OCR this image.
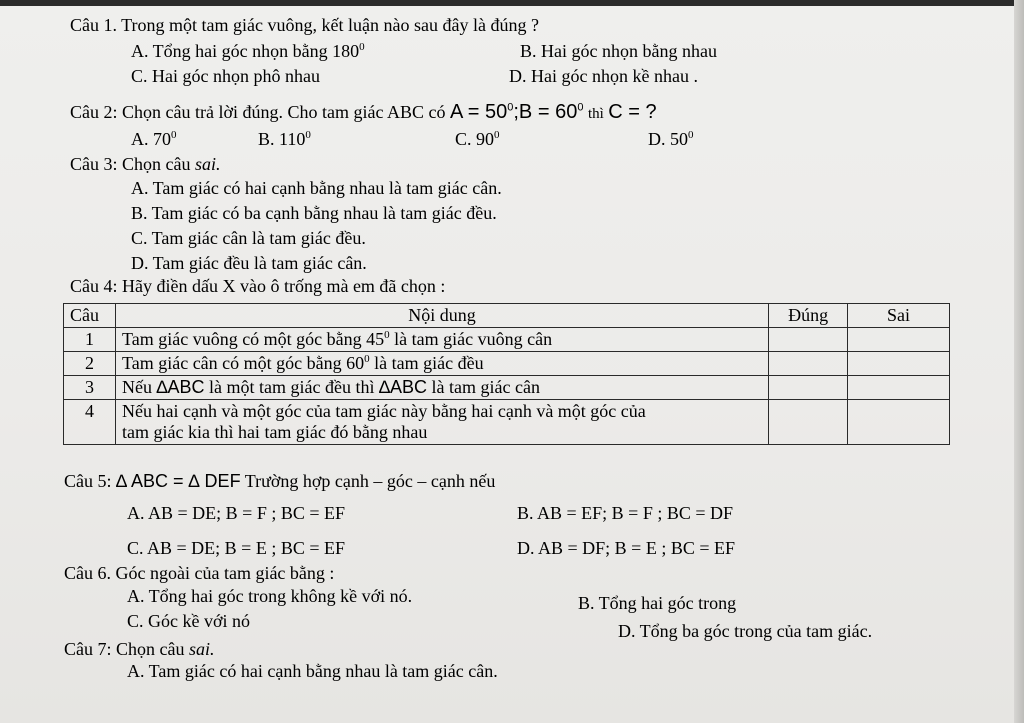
Câu 1. Trong một tam giác vuông, kết luận nào sau đây là đúng ?
A. Tổng hai góc nhọn bằng $180^0$	B. Hai góc nhọn bằng nhau
C. Hai góc nhọn phô nhau	D. Hai góc nhọn kề nhau .
Câu 2: Chọn câu trả lời đúng. Cho tam giác ABC có $A = 50^0;B = 60^0$ thì C = ?
A. $70^0$	B. $110^0$	C. $90^0$	D. $50^0$
Câu 3: Chọn câu sai.
A. Tam giác có hai cạnh bằng nhau là tam giác cân.
B. Tam giác có ba cạnh bằng nhau là tam giác đều.
C. Tam giác cân là tam giác đều.
D. Tam giác đều là tam giác cân.
Câu 4: Hãy điền dấu X vào ô trống mà em đã chọn :
Câu	Nội dung	Đúng	Sai
1	Tam giác vuông có một góc bằng $45^0$ là tam giác vuông cân	

2	Tam giác cân có một góc bằng $60^0$ là tam giác đều	

3	Nếu ∆ABC là một tam giác đều thì ∆ABC là tam giác cân	

4	Nếu hai cạnh và một góc của tam giác này bằng hai cạnh và một góc của
tam giác kia thì hai tam giác đó bằng nhau		

Câu 5: ∆ ABC = ∆ DEF Trường hợp cạnh – góc – cạnh nếu
A. AB = DE; B = F ; BC = EF	B. AB = EF; B = F ; BC = DF
C. AB = DE; B = E ; BC = EF	D. AB = DF; B = E ; BC = EF
Câu 6. Góc ngoài của tam giác bằng :
A. Tổng hai góc trong không kề với nó.	B. Tổng hai góc trong
C. Góc kề với nó	D. Tổng ba góc trong của tam giác.
Câu 7: Chọn câu sai.
A. Tam giác có hai cạnh bằng nhau là tam giác cân.
